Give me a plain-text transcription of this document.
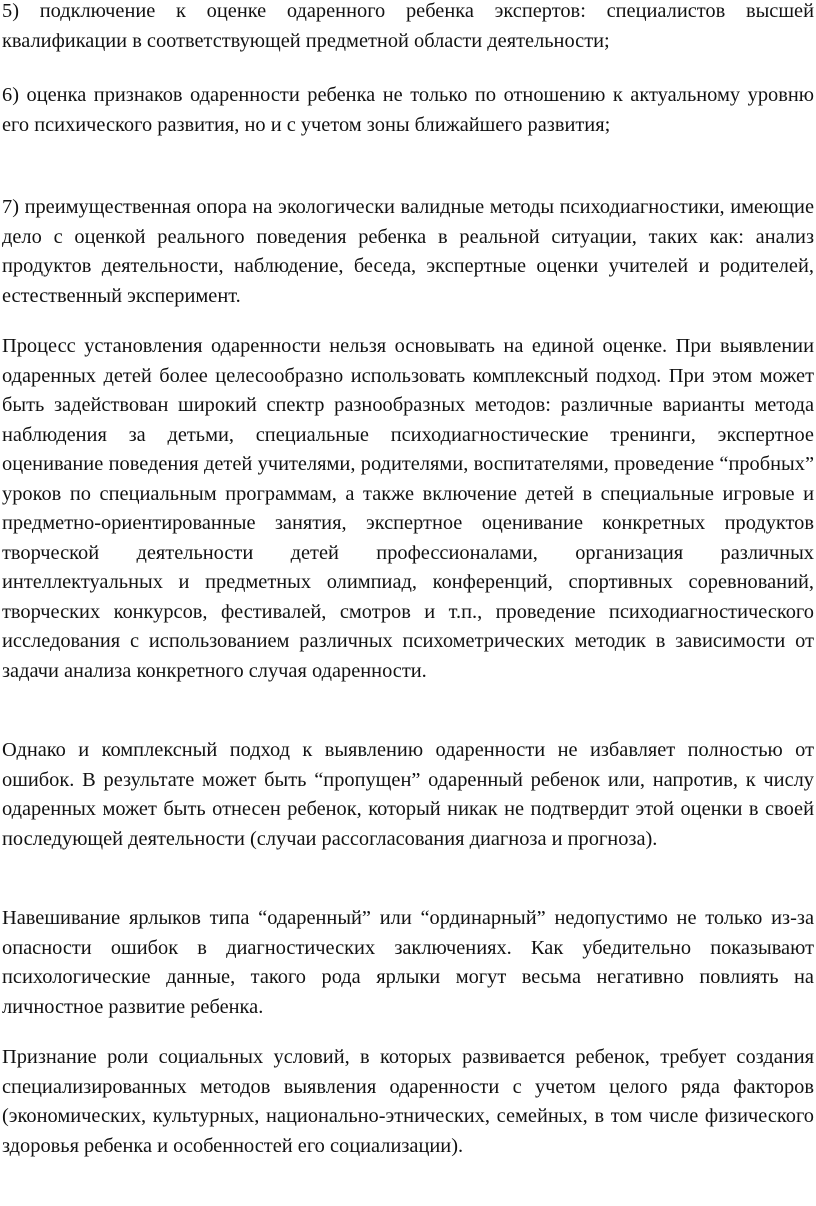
5) подключение к оценке одаренного ребенка экспертов: специалистов высшей квалификации в соответствующей предметной области деятельности;

6) оценка признаков одаренности ребенка не только по отношению к актуальному уровню его психического развития, но и с учетом зоны ближайшего развития;

7) преимущественная опора на экологически валидные методы психодиагностики, имеющие дело с оценкой реального поведения ребенка в реальной ситуации, таких как: анализ продуктов деятельности, наблюдение, беседа, экспертные оценки учителей и родителей, естественный эксперимент.

Процесс установления одаренности нельзя основывать на единой оценке. При выявлении одаренных детей более целесообразно использовать комплексный подход. При этом может быть задействован широкий спектр разнообразных методов: различные варианты метода наблюдения за детьми, специальные психодиагностические тренинги, экспертное оценивание поведения детей учителями, родителями, воспитателями, проведение “пробных” уроков по специальным программам, а также включение детей в специальные игровые и предметно-ориентированные занятия, экспертное оценивание конкретных продуктов творческой деятельности детей профессионалами, организация различных интеллектуальных и предметных олимпиад, конференций, спортивных соревнований, творческих конкурсов, фестивалей, смотров и т.п., проведение психодиагностического исследования с использованием различных психометрических методик в зависимости от задачи анализа конкретного случая одаренности.

Однако и комплексный подход к выявлению одаренности не избавляет полностью от ошибок. В результате может быть “пропущен” одаренный ребенок или, напротив, к числу одаренных может быть отнесен ребенок, который никак не подтвердит этой оценки в своей последующей деятельности (случаи рассогласования диагноза и прогноза).

Навешивание ярлыков типа “одаренный” или “ординарный” недопустимо не только из-за опасности ошибок в диагностических заключениях. Как убедительно показывают психологические данные, такого рода ярлыки могут весьма негативно повлиять на личностное развитие ребенка.

Признание роли социальных условий, в которых развивается ребенок, требует создания специализированных методов выявления одаренности с учетом целого ряда факторов (экономических, культурных, национально-этнических, семейных, в том числе физического здоровья ребенка и особенностей его социализации).
